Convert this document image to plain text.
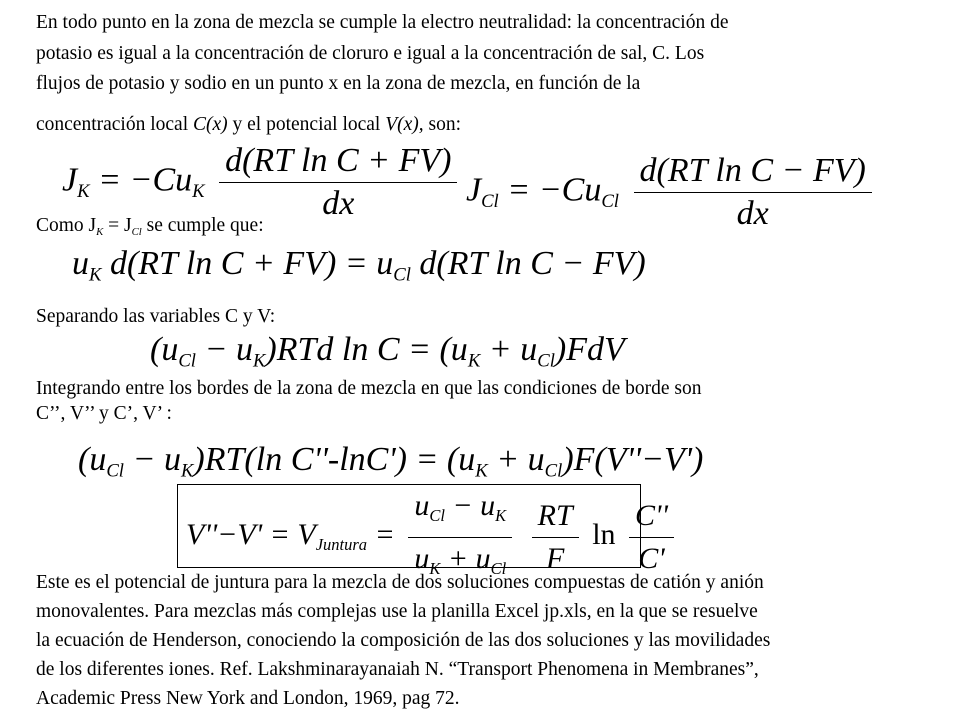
En todo punto en la zona de mezcla se cumple la electro neutralidad: la concentración de
potasio es igual a la concentración de cloruro e igual a la concentración de sal, C. Los
flujos de potasio y sodio en un punto x en la zona de mezcla, en función de la
concentración local C(x) y el potencial local V(x), son:
$J_K = -Cu_K \frac{\text{d(RT ln C + FV)}}{dx} J_{Cl} = -Cu_{Cl} \frac{\text{d(RT ln C − FV)}}{dx}$
Como $J_K = J_{Cl}$ se cumple que:
$u_K$ d(RT $\ln C + FV) = u_{Cl}$ d(RT ln C − FV)
Separando las variables C y V:
$(u_{Cl} - u_K)RTd$ $\ln C = (u_K + u_{Cl})FdV$
Integrando entre los bordes de la zona de mezcla en que las condiciones de borde son
C’’, V’’ y C’, V’ :
$(u_{Cl} - u_K)RT(\ln$ $C''-\ln C') = (u_K + u_{Cl})F(V''-V')$
$V''-V' = V_{Juntura} = \frac{u_{Cl} - u_K}{u_K + u_{Cl}}$
$\frac{RT}{F}$ $\ln \frac{C''}{C'}$
Este es el potencial de juntura para la mezcla de dos soluciones compuestas de catión y anión
monovalentes. Para mezclas más complejas use la planilla Excel jp.xls, en la que se resuelve
la ecuación de Henderson, conociendo la composición de las dos soluciones y las movilidades
de los diferentes iones. Ref. Lakshminarayanaiah N. “Transport Phenomena in Membranes”,
Academic Press New York and London, 1969, pag 72.
